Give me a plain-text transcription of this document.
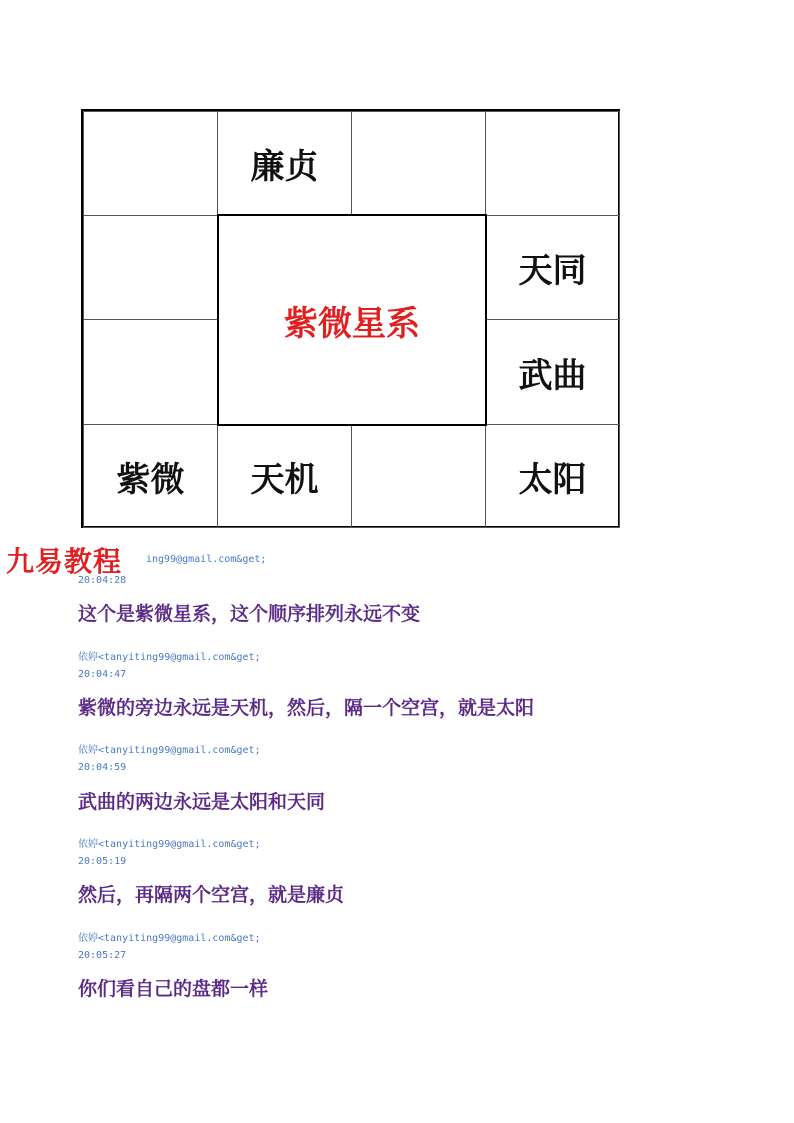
廉贞
天同
武曲
紫微	天机	太阳
紫微星系
九易教程 ing99@gmail.com&get;
20:04:28
这个是紫微星系，这个顺序排列永远不变
依婷<tanyiting99@gmail.com&get;
20:04:47
紫微的旁边永远是天机，然后，隔一个空宫，就是太阳
依婷<tanyiting99@gmail.com&get;
20:04:59
武曲的两边永远是太阳和天同
依婷<tanyiting99@gmail.com&get;
20:05:19
然后，再隔两个空宫，就是廉贞
依婷<tanyiting99@gmail.com&get;
20:05:27
你们看自己的盘都一样
